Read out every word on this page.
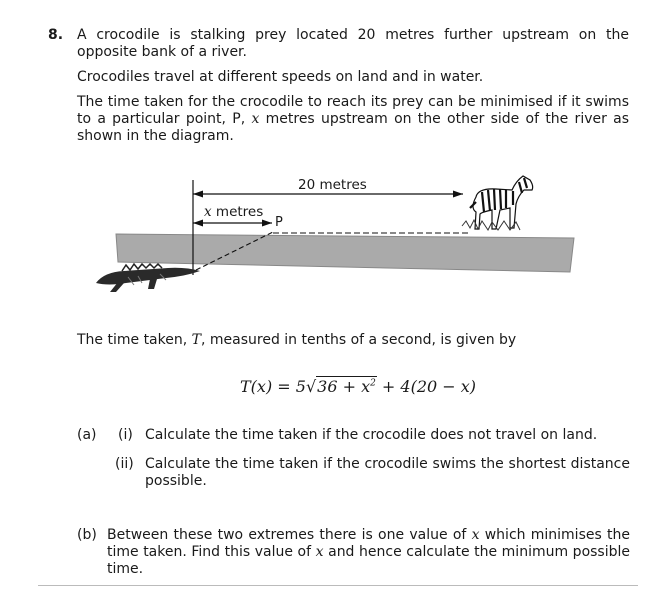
8. A crocodile is stalking prey located 20 metres further upstream on the opposite bank of a river.
Crocodiles travel at different speeds on land and in water.
The time taken for the crocodile to reach its prey can be minimised if it swims to a particular point, P, x metres upstream on the other side of the river as shown in the diagram.
20 metres
x metres
P
The time taken, T, measured in tenths of a second, is given by
$T(x) = 5√36 + x^2 + 4(20 - x)$
(a) (i) Calculate the time taken if the crocodile does not travel on land.
(ii) Calculate the time taken if the crocodile swims the shortest distance possible.
(b) Between these two extremes there is one value of x which minimises the time taken. Find this value of x and hence calculate the minimum possible time.
